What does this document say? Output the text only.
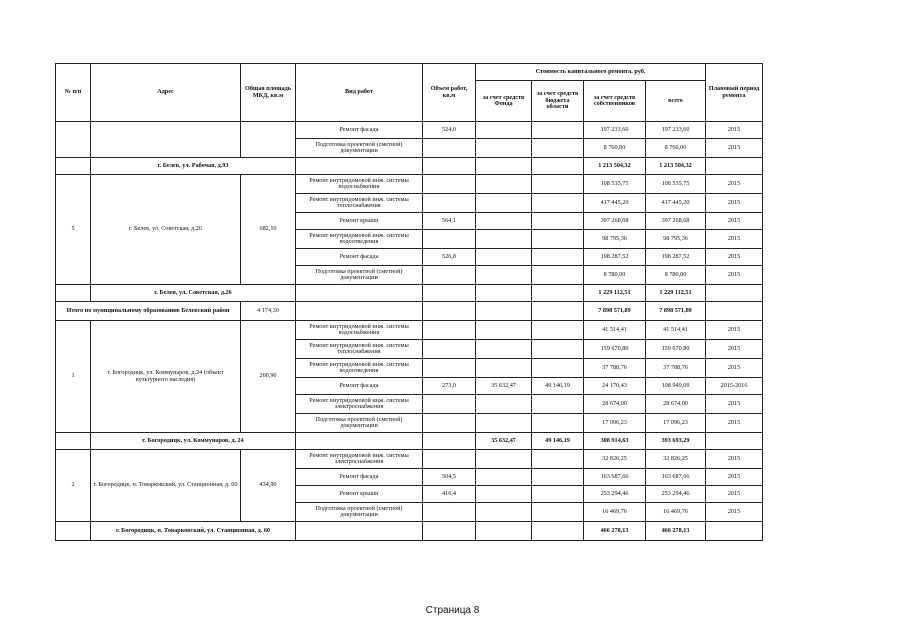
№ п/п	Адрес	Общая площадь МКД, кв.м	Вид работ	Объем работ, кв.м	Стоимость капитального ремонта, руб.				Плановый период ремонта
					за счет средств Фонда	за счет средств бюджета области	за счет средств собственников	всего	
			Ремонт фасада	524,0			197 233,60	197 233,60	2015
			Подготовка проектной (сметной) документации				8 760,00	8 760,00	2015
	г. Белев, ул. Рабочая, д.93						1 213 504,32	1 213 504,32	
5	г. Белев, ул. Советская, д.26	682,10	Ремонт внутридомовой инж. системы водоснабжения				108 535,75	108 535,75	2015
			Ремонт внутридомовой инж. системы теплоснабжения				417 445,20	417 445,20	2015
			Ремонт крыши	564,1			397 268,68	397 268,68	2015
			Ремонт внутридомовой инж. системы водоотведения				98 795,36	98 795,36	2015
			Ремонт фасада	526,8			198 287,52	198 287,52	2015
			Подготовка проектной (сметной) документации				8 780,00	8 780,00	2015
	г. Белев, ул. Советская, д.26						1 229 112,51	1 229 112,51	
Итого по муниципальному образованию Белевский район		4 174,30					7 898 571,89	7 898 571,89	
1	г. Богородицк, ул. Коммунаров, д.24 (объект культурного наследия)	260,90	Ремонт внутридомовой инж. системы водоснабжения				41 514,41	41 514,41	2015
			Ремонт внутридомовой инж. системы теплоснабжения				159 670,80	159 670,80	2015
			Ремонт внутридомовой инж. системы водоотведения				37 788,76	37 788,76	2015
			Ремонт фасада	273,0	35 632,47	49 146,19	24 170,43	108 949,09	2015-2016
			Ремонт внутридомовой инж. системы электроснабжения				28 674,00	28 674,00	2015
			Подготовка проектной (сметной) документации				17 096,23	17 096,23	2015
	г. Богородицк, ул. Коммунаров, д. 24				35 632,47	49 146,19	308 914,63	393 693,29	
2	г. Богородицк, п. Товарковский, ул. Станционная, д. 60	434,90	Ремонт внутридомовой инж. системы электроснабжения				32 826,25	32 826,25	2015
			Ремонт фасада	504,5			163 687,66	163 687,66	2015
			Ремонт крыши	416,4			253 294,46	253 294,46	2015
			Подготовка проектной (сметной) документации				16 469,76	16 469,76	2015
	г. Богородицк, п. Товарковский, ул. Станционная, д. 60						466 278,13	466 278,13	
Страница 8
